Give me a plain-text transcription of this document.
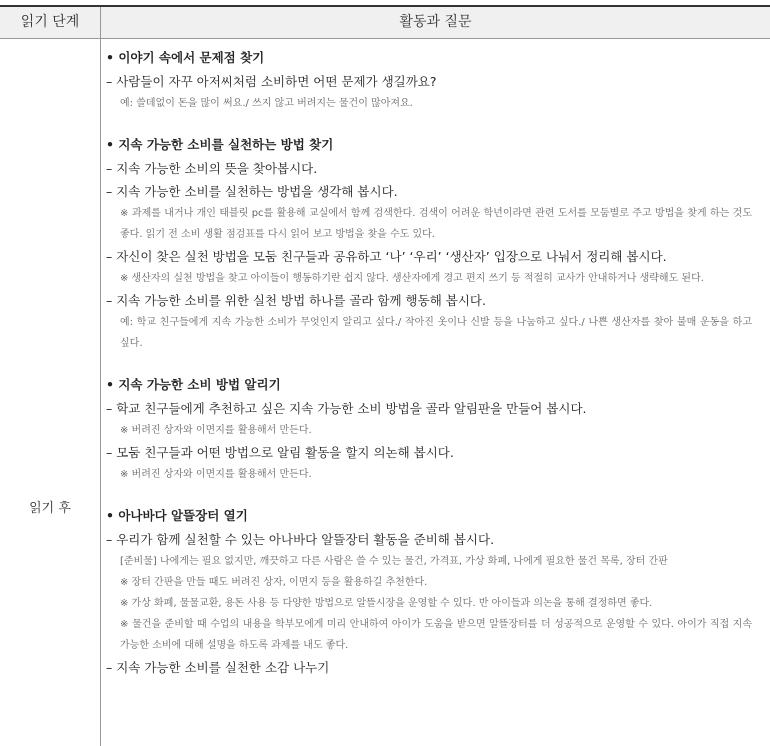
읽기 단계	활동과 질문
읽기 후
• 이야기 속에서 문제점 찾기
– 사람들이 자꾸 아저씨처럼 소비하면 어떤 문제가 생길까요?
예: 쓸데없이 돈을 많이 써요./ 쓰지 않고 버려지는 물건이 많아져요.
• 지속 가능한 소비를 실천하는 방법 찾기
– 지속 가능한 소비의 뜻을 찾아봅시다.
– 지속 가능한 소비를 실천하는 방법을 생각해 봅시다.
※ 과제를 내거나 개인 태블릿 pc를 활용해 교실에서 함께 검색한다. 검색이 어려운 학년이라면 관련 도서를 모둠별로 주고 방법을 찾게 하는 것도 좋다. 읽기 전 소비 생활 점검표를 다시 읽어 보고 방법을 찾을 수도 있다.
– 자신이 찾은 실천 방법을 모둠 친구들과 공유하고 ‘나’ ‘우리’ ‘생산자’ 입장으로 나눠서 정리해 봅시다.
※ 생산자의 실천 방법을 찾고 아이들이 행동하기란 쉽지 않다. 생산자에게 경고 편지 쓰기 등 적절히 교사가 안내하거나 생략해도 된다.
– 지속 가능한 소비를 위한 실천 방법 하나를 골라 함께 행동해 봅시다.
예: 학교 친구들에게 지속 가능한 소비가 무엇인지 알리고 싶다./ 작아진 옷이나 신발 등을 나눔하고 싶다./ 나쁜 생산자를 찾아 불매 운동을 하고 싶다.
• 지속 가능한 소비 방법 알리기
– 학교 친구들에게 추천하고 싶은 지속 가능한 소비 방법을 골라 알림판을 만들어 봅시다.
※ 버려진 상자와 이면지를 활용해서 만든다.
– 모둠 친구들과 어떤 방법으로 알림 활동을 할지 의논해 봅시다.
※ 버려진 상자와 이면지를 활용해서 만든다.
• 아나바다 알뜰장터 열기
– 우리가 함께 실천할 수 있는 아나바다 알뜰장터 활동을 준비해 봅시다.
[준비물] 나에게는 필요 없지만, 깨끗하고 다른 사람은 쓸 수 있는 물건, 가격표, 가상 화폐, 나에게 필요한 물건 목록, 장터 간판
※ 장터 간판을 만들 때도 버려진 상자, 이면지 등을 활용하길 추천한다.
※ 가상 화폐, 물물교환, 용돈 사용 등 다양한 방법으로 알뜰시장을 운영할 수 있다. 반 아이들과 의논을 통해 결정하면 좋다.
※ 물건을 준비할 때 수업의 내용을 학부모에게 미리 안내하여 아이가 도움을 받으면 알뜰장터를 더 성공적으로 운영할 수 있다. 아이가 직접 지속 가능한 소비에 대해 설명을 하도록 과제를 내도 좋다.
– 지속 가능한 소비를 실천한 소감 나누기
